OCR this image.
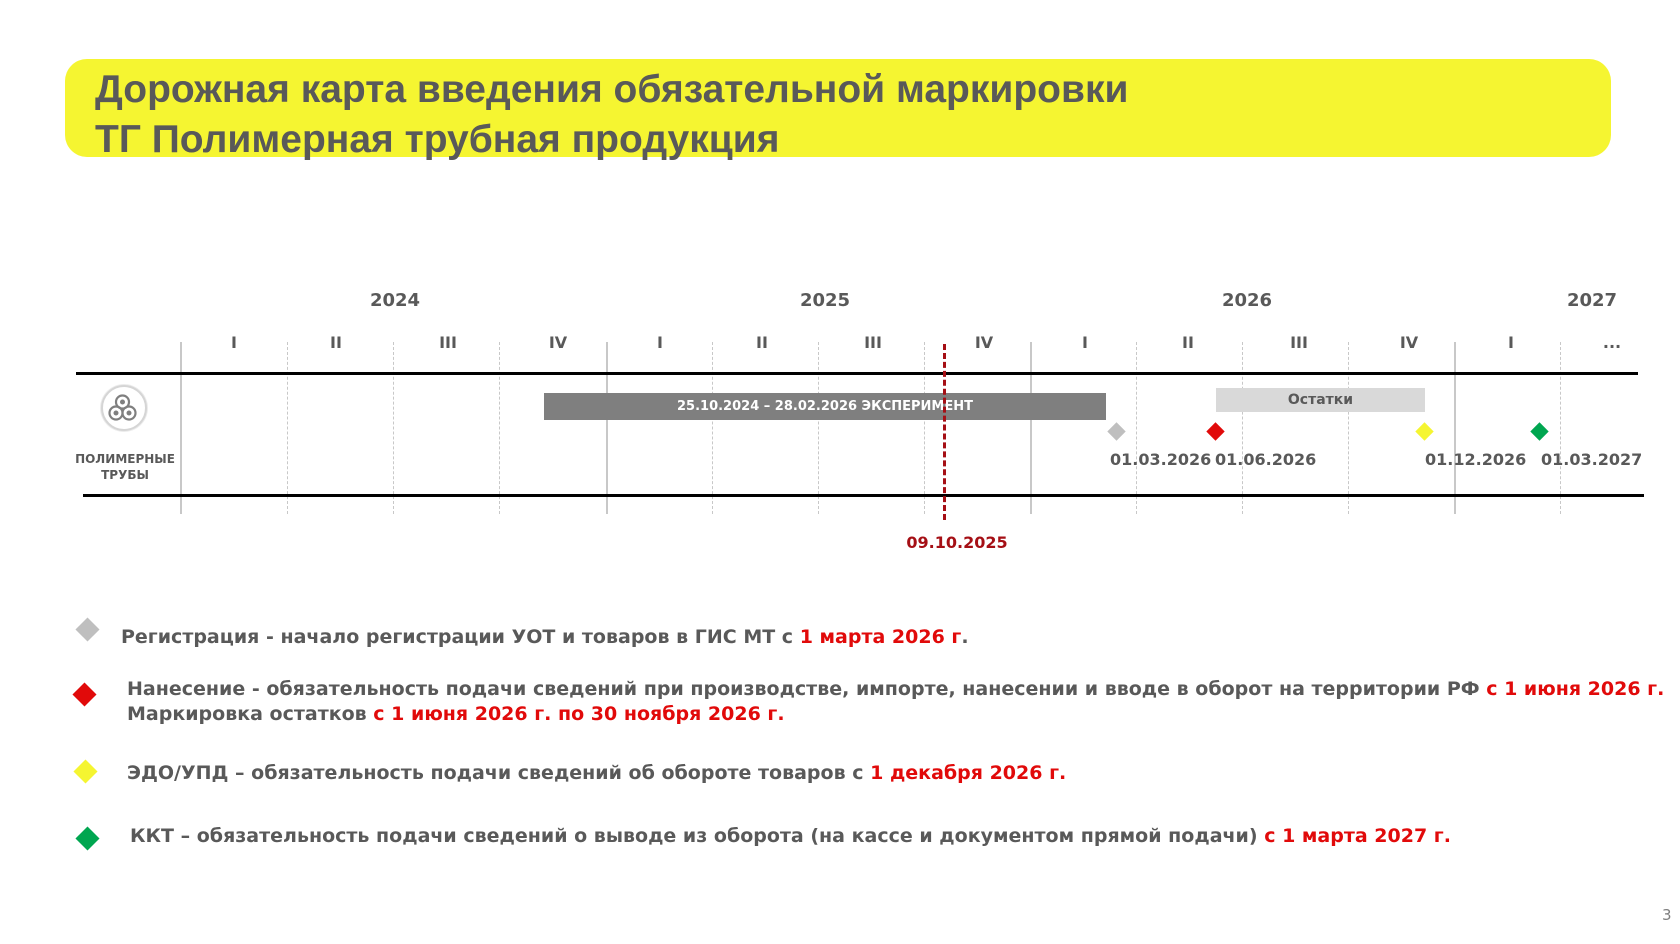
Дорожная карта введения обязательной маркировки
ТГ Полимерная трубная продукция
2024	2025	2026	2027
I	II	III	IV	I	II	III	IV	I	II	III	IV	I	...
ПОЛИМЕРНЫЕ
ТРУБЫ
25.10.2024 – 28.02.2026 ЭКСПЕРИМЕНТ	Остатки
09.10.2025
01.03.2026 01.06.2026	01.12.2026 01.03.2027
Регистрация - начало регистрации УОТ и товаров в ГИС МТ с 1 марта 2026 г.
Нанесение - обязательность подачи сведений при производстве, импорте, нанесении и вводе в оборот на территории РФ с 1 июня 2026 г.
Маркировка остатков с 1 июня 2026 г. по 30 ноября 2026 г.
ЭДО/УПД – обязательность подачи сведений об обороте товаров с 1 декабря 2026 г.
ККТ – обязательность подачи сведений о выводе из оборота (на кассе и документом прямой подачи) с 1 марта 2027 г.
3
